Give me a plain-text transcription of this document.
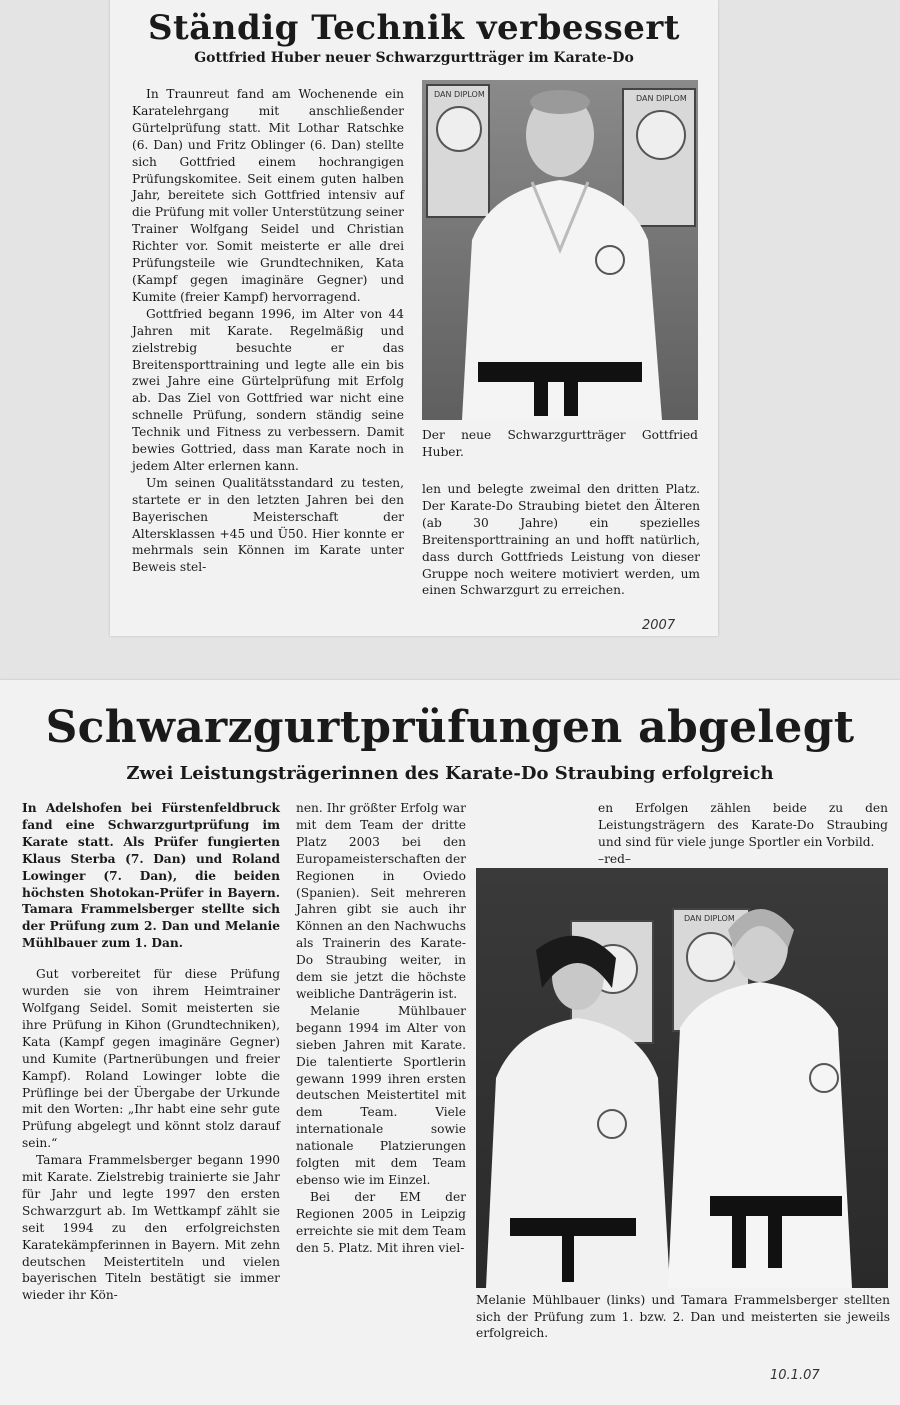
Ständig Technik verbessert
Gottfried Huber neuer Schwarzgurtträger im Karate-Do

In Traunreut fand am Wochenende ein Karatelehrgang mit anschließender Gürtelprüfung statt. Mit Lothar Ratschke (6. Dan) und Fritz Oblinger (6. Dan) stellte sich Gottfried einem hochrangigen Prüfungskomitee. Seit einem guten halben Jahr, bereitete sich Gottfried intensiv auf die Prüfung mit voller Unterstützung seiner Trainer Wolfgang Seidel und Christian Richter vor. Somit meisterte er alle drei Prüfungsteile wie Grundtechniken, Kata (Kampf gegen imaginäre Gegner) und Kumite (freier Kampf) hervorragend.

Gottfried begann 1996, im Alter von 44 Jahren mit Karate. Regelmäßig und zielstrebig besuchte er das Breitensporttraining und legte alle ein bis zwei Jahre eine Gürtelprüfung mit Erfolg ab. Das Ziel von Gottfried war nicht eine schnelle Prüfung, sondern ständig seine Technik und Fitness zu verbessern. Damit bewies Gottried, dass man Karate noch in jedem Alter erlernen kann.

Um seinen Qualitätsstandard zu testen, startete er in den letzten Jahren bei den Bayerischen Meisterschaft der Altersklassen +45 und Ü50. Hier konnte er mehrmals sein Können im Karate unter Beweis stel-

DAN DIPLOM	DAN DIPLOM
Der neue Schwarzgurtträger Gottfried Huber.

len und belegte zweimal den dritten Platz. Der Karate-Do Straubing bietet den Älteren (ab 30 Jahre) ein spezielles Breitensporttraining an und hofft natürlich, dass durch Gottfrieds Leistung von dieser Gruppe noch weitere motiviert werden, um einen Schwarzgurt zu erreichen.

2007
Schwarzgurtprüfungen abgelegt
Zwei Leistungsträgerinnen des Karate-Do Straubing erfolgreich

In Adelshofen bei Fürstenfeldbruck fand eine Schwarzgurtprüfung im Karate statt. Als Prüfer fungierten Klaus Sterba (7. Dan) und Roland Lowinger (7. Dan), die beiden höchsten Shotokan-Prüfer in Bayern. Tamara Frammelsberger stellte sich der Prüfung zum 2. Dan und Melanie Mühlbauer zum 1. Dan.

Gut vorbereitet für diese Prüfung wurden sie von ihrem Heimtrainer Wolfgang Seidel. Somit meisterten sie ihre Prüfung in Kihon (Grundtechniken), Kata (Kampf gegen imaginäre Gegner) und Kumite (Partnerübungen und freier Kampf). Roland Lowinger lobte die Prüflinge bei der Übergabe der Urkunde mit den Worten: „Ihr habt eine sehr gute Prüfung abgelegt und könnt stolz darauf sein.“

Tamara Frammelsberger begann 1990 mit Karate. Zielstrebig trainierte sie Jahr für Jahr und legte 1997 den ersten Schwarzgurt ab. Im Wettkampf zählt sie seit 1994 zu den erfolgreichsten Karatekämpferinnen in Bayern. Mit zehn deutschen Meistertiteln und vielen bayerischen Titeln bestätigt sie immer wieder ihr Kön-

nen. Ihr größter Erfolg war mit dem Team der dritte Platz 2003 bei den Europameisterschaften der Regionen in Oviedo (Spanien). Seit mehreren Jahren gibt sie auch ihr Können an den Nachwuchs als Trainerin des Karate-Do Straubing weiter, in dem sie jetzt die höchste weibliche Danträgerin ist.

Melanie Mühlbauer begann 1994 im Alter von sieben Jahren mit Karate. Die talentierte Sportlerin gewann 1999 ihren ersten deutschen Meistertitel mit dem Team. Viele internationale sowie nationale Platzierungen folgten mit dem Team ebenso wie im Einzel.

Bei der EM der Regionen 2005 in Leipzig erreichte sie mit dem Team den 5. Platz. Mit ihren viel-

en Erfolgen zählen beide zu den Leistungsträgern des Karate-Do Straubing und sind für viele junge Sportler ein Vorbild.

–red–
DAN DIPLOM
Melanie Mühlbauer (links) und Tamara Frammelsberger stellten sich der Prüfung zum 1. bzw. 2. Dan und meisterten sie jeweils erfolgreich.
10.1.07
